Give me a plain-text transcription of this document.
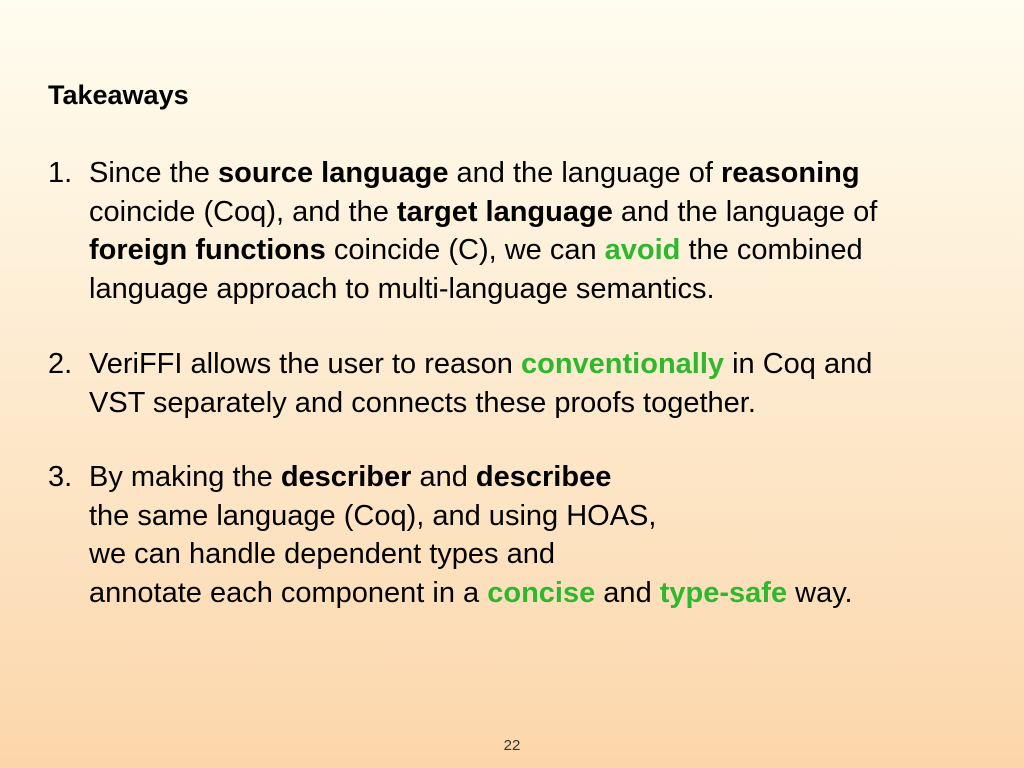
Takeaways
1. Since the source language and the language of reasoning
coincide (Coq), and the target language and the language of
foreign functions coincide (C), we can avoid the combined
language approach to multi-language semantics.
2. VeriFFI allows the user to reason conventionally in Coq and
VST separately and connects these proofs together.
3. By making the describer and describee
the same language (Coq), and using HOAS,
we can handle dependent types and
annotate each component in a concise and type-safe way.
22
